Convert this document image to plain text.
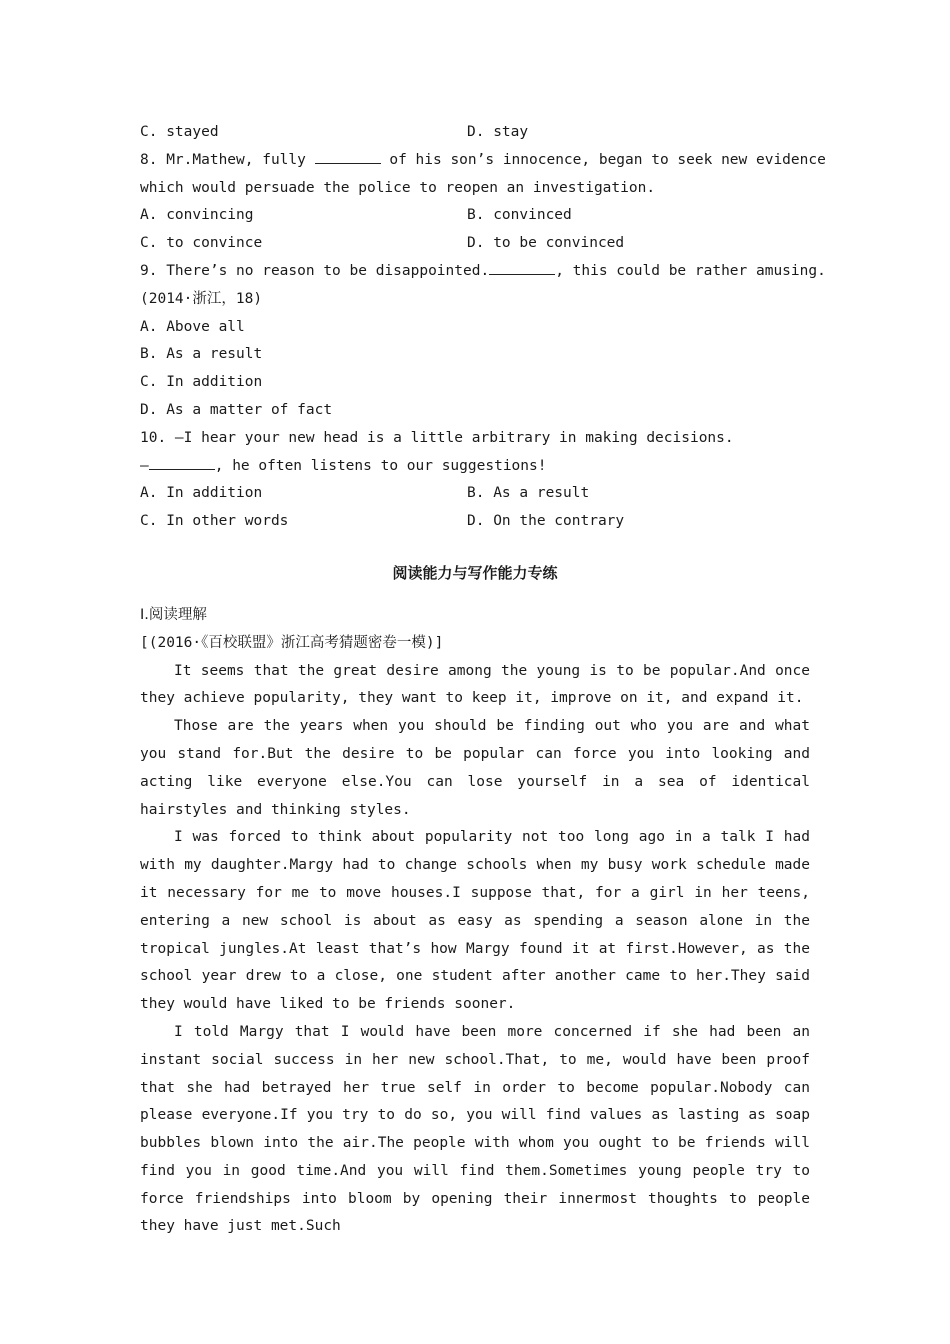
C. stayed	D. stay
8. Mr.Mathew, fully	of his son’s innocence, began to seek new evidence
which would persuade the police to reopen an investigation.
A. convincing	B. convinced
C. to convince	D. to be convinced
9. There’s no reason to be disappointed.	, this could be rather amusing.
(2014·浙江，18)
A. Above all
B. As a result
C. In addition
D. As a matter of fact
10. —I hear your new head is a little arbitrary in making decisions.
—	, he often listens to our suggestions!
A. In addition	B. As a result
C. In other words	D. On the contrary
阅读能力与写作能力专练
Ⅰ.阅读理解
[(2016·《百校联盟》浙江高考猜题密卷一模)]

It seems that the great desire among the young is to be popular.And once they achieve popularity, they want to keep it, improve on it, and expand it.

Those are the years when you should be finding out who you are and what you stand for.But the desire to be popular can force you into looking and acting like everyone else.You can lose yourself in a sea of identical hairstyles and thinking styles.

I was forced to think about popularity not too long ago in a talk I had with my daughter.Margy had to change schools when my busy work schedule made it necessary for me to move houses.I suppose that, for a girl in her teens, entering a new school is about as easy as spending a season alone in the tropical jungles.At least that’s how Margy found it at first.However, as the school year drew to a close, one student after another came to her.They said they would have liked to be friends sooner.

I told Margy that I would have been more concerned if she had been an instant social success in her new school.That, to me, would have been proof that she had betrayed her true self in order to become popular.Nobody can please everyone.If you try to do so, you will find values as lasting as soap bubbles blown into the air.The people with whom you ought to be friends will find you in good time.And you will find them.Sometimes young people try to force friendships into bloom by opening their innermost thoughts to people they have just met.Such
